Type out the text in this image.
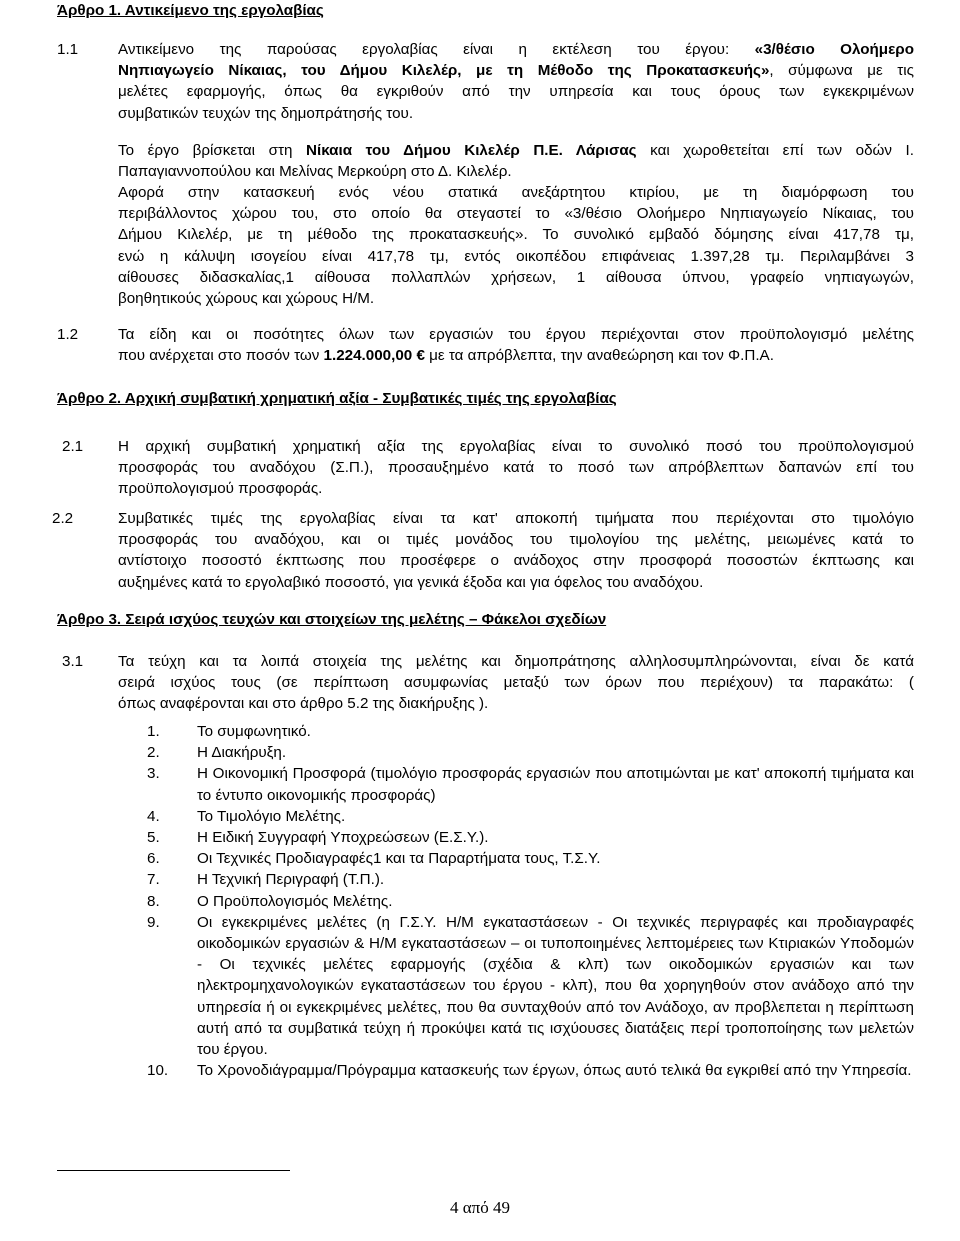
Άρθρο 1. Αντικείμενο της εργολαβίας
1.1	Αντικείμενο της παρούσας εργολαβίας είναι η εκτέλεση του έργου: «3/θέσιο Ολοήμερο
Νηπιαγωγείο Νίκαιας, του Δήμου Κιλελέρ, με τη Μέθοδο της Προκατασκευής», σύμφωνα με τις
μελέτες εφαρμογής, όπως θα εγκριθούν από την υπηρεσία και τους όρους των εγκεκριμένων
συμβατικών τευχών της δημοπράτησής του.
Το έργο βρίσκεται στη Νίκαια του Δήμου Κιλελέρ Π.Ε. Λάρισας και χωροθετείται επί των οδών Ι.
Παπαγιαννοπούλου και Μελίνας Μερκούρη στο Δ. Κιλελέρ.
Αφορά στην κατασκευή ενός νέου στατικά ανεξάρτητου κτιρίου, με τη διαμόρφωση του
περιβάλλοντος χώρου του, στο οποίο θα στεγαστεί το «3/θέσιο Ολοήμερο Νηπιαγωγείο Νίκαιας, του
Δήμου Κιλελέρ, με τη μέθοδο της προκατασκευής». Το συνολικό εμβαδό δόμησης είναι 417,78 τμ,
ενώ η κάλυψη ισογείου είναι 417,78 τμ, εντός οικοπέδου επιφάνειας 1.397,28 τμ. Περιλαμβάνει 3
αίθουσες διδασκαλίας,1 αίθουσα πολλαπλών χρήσεων, 1 αίθουσα ύπνου, γραφείο νηπιαγωγών,
βοηθητικούς χώρους και χώρους Η/Μ.
1.2	Τα είδη και οι ποσότητες όλων των εργασιών του έργου περιέχονται στον προϋπολογισμό μελέτης
που ανέρχεται στο ποσόν των 1.224.000,00 € με τα απρόβλεπτα, την αναθεώρηση και τον Φ.Π.Α.
Άρθρο 2. Αρχική συμβατική χρηματική αξία - Συμβατικές τιμές της εργολαβίας
2.1 Η αρχική συμβατική χρηματική αξία της εργολαβίας είναι το συνολικό ποσό του προϋπολογισμού
προσφοράς του αναδόχου (Σ.Π.), προσαυξημένο κατά το ποσό των απρόβλεπτων δαπανών επί του
προϋπολογισμού προσφοράς.
2.2	Συμβατικές τιμές της εργολαβίας είναι τα κατ' αποκοπή τιμήματα που περιέχονται στο τιμολόγιο
προσφοράς του αναδόχου, και οι τιμές μονάδος του τιμολογίου της μελέτης, μειωμένες κατά το
αντίστοιχο ποσοστό έκπτωσης που προσέφερε ο ανάδοχος στην προσφορά ποσοστών έκπτωσης και
αυξημένες κατά το εργολαβικό ποσοστό, για γενικά έξοδα και για όφελος του αναδόχου.
Άρθρο 3. Σειρά ισχύος τευχών και στοιχείων της μελέτης – Φάκελοι σχεδίων
3.1 Τα τεύχη και τα λοιπά στοιχεία της μελέτης και δημοπράτησης αλληλοσυμπληρώνονται, είναι δε κατά
σειρά ισχύος τους (σε περίπτωση ασυμφωνίας μεταξύ των όρων που περιέχουν) τα παρακάτω: (
όπως αναφέρονται και στο άρθρο 5.2 της διακήρυξης ).
1. Το συμφωνητικό.
2. Η Διακήρυξη.
3. Η Οικονομική Προσφορά (τιμολόγιο προσφοράς εργασιών που αποτιμώνται με κατ' αποκοπή τιμήματα και το έντυπο οικονομικής προσφοράς)
4. Το Τιμολόγιο Μελέτης.
5. Η Ειδική Συγγραφή Υποχρεώσεων (Ε.Σ.Υ.).
6. Οι Τεχνικές Προδιαγραφές1 και τα Παραρτήματα τους, Τ.Σ.Υ.
7. Η Τεχνική Περιγραφή (Τ.Π.).
8. Ο Προϋπολογισμός Μελέτης.
9. Οι εγκεκριμένες μελέτες (η Γ.Σ.Υ. Η/Μ εγκαταστάσεων - Οι τεχνικές περιγραφές και προδιαγραφές οικοδομικών εργασιών & Η/Μ εγκαταστάσεων – οι τυποποιημένες λεπτομέρειες των Κτιριακών Υποδομών - Οι τεχνικές μελέτες εφαρμογής (σχέδια & κλπ) των οικοδομικών εργασιών και των ηλεκτρομηχανολογικών εγκαταστάσεων του έργου - κλπ), που θα χορηγηθούν στον ανάδοχο από την υπηρεσία ή οι εγκεκριμένες μελέτες, που θα συνταχθούν από τον Ανάδοχο, αν προβλεπεται η περίπτωση αυτή από τα συμβατικά τεύχη ή προκύψει κατά τις ισχύουσες διατάξεις περί τροποποίησης των μελετών του έργου.
10. Το Χρονοδιάγραμμα/Πρόγραμμα κατασκευής των έργων, όπως αυτό τελικά θα εγκριθεί από την Υπηρεσία.
4 από 49
